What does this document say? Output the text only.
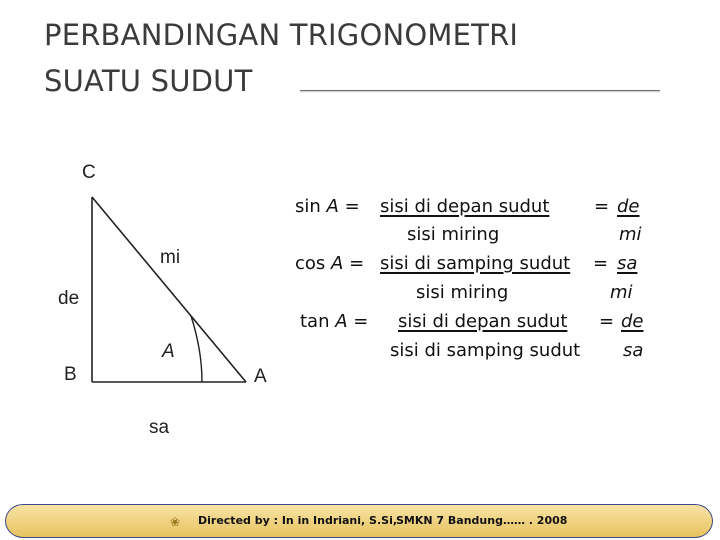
PERBANDINGAN TRIGONOMETRI
SUATU SUDUT
C
B	A
A
mi
de
sa
sin A = sisi di depan sudut
sisi miring
= de
mi
cos A = sisi di samping sudut
sisi miring
= sa
mi
tan A = sisi di depan sudut
sisi di samping sudut
= de
sa
❀ Directed by : In in Indriani, S.Si,
SMKN 7 Bandung…… . 2008
